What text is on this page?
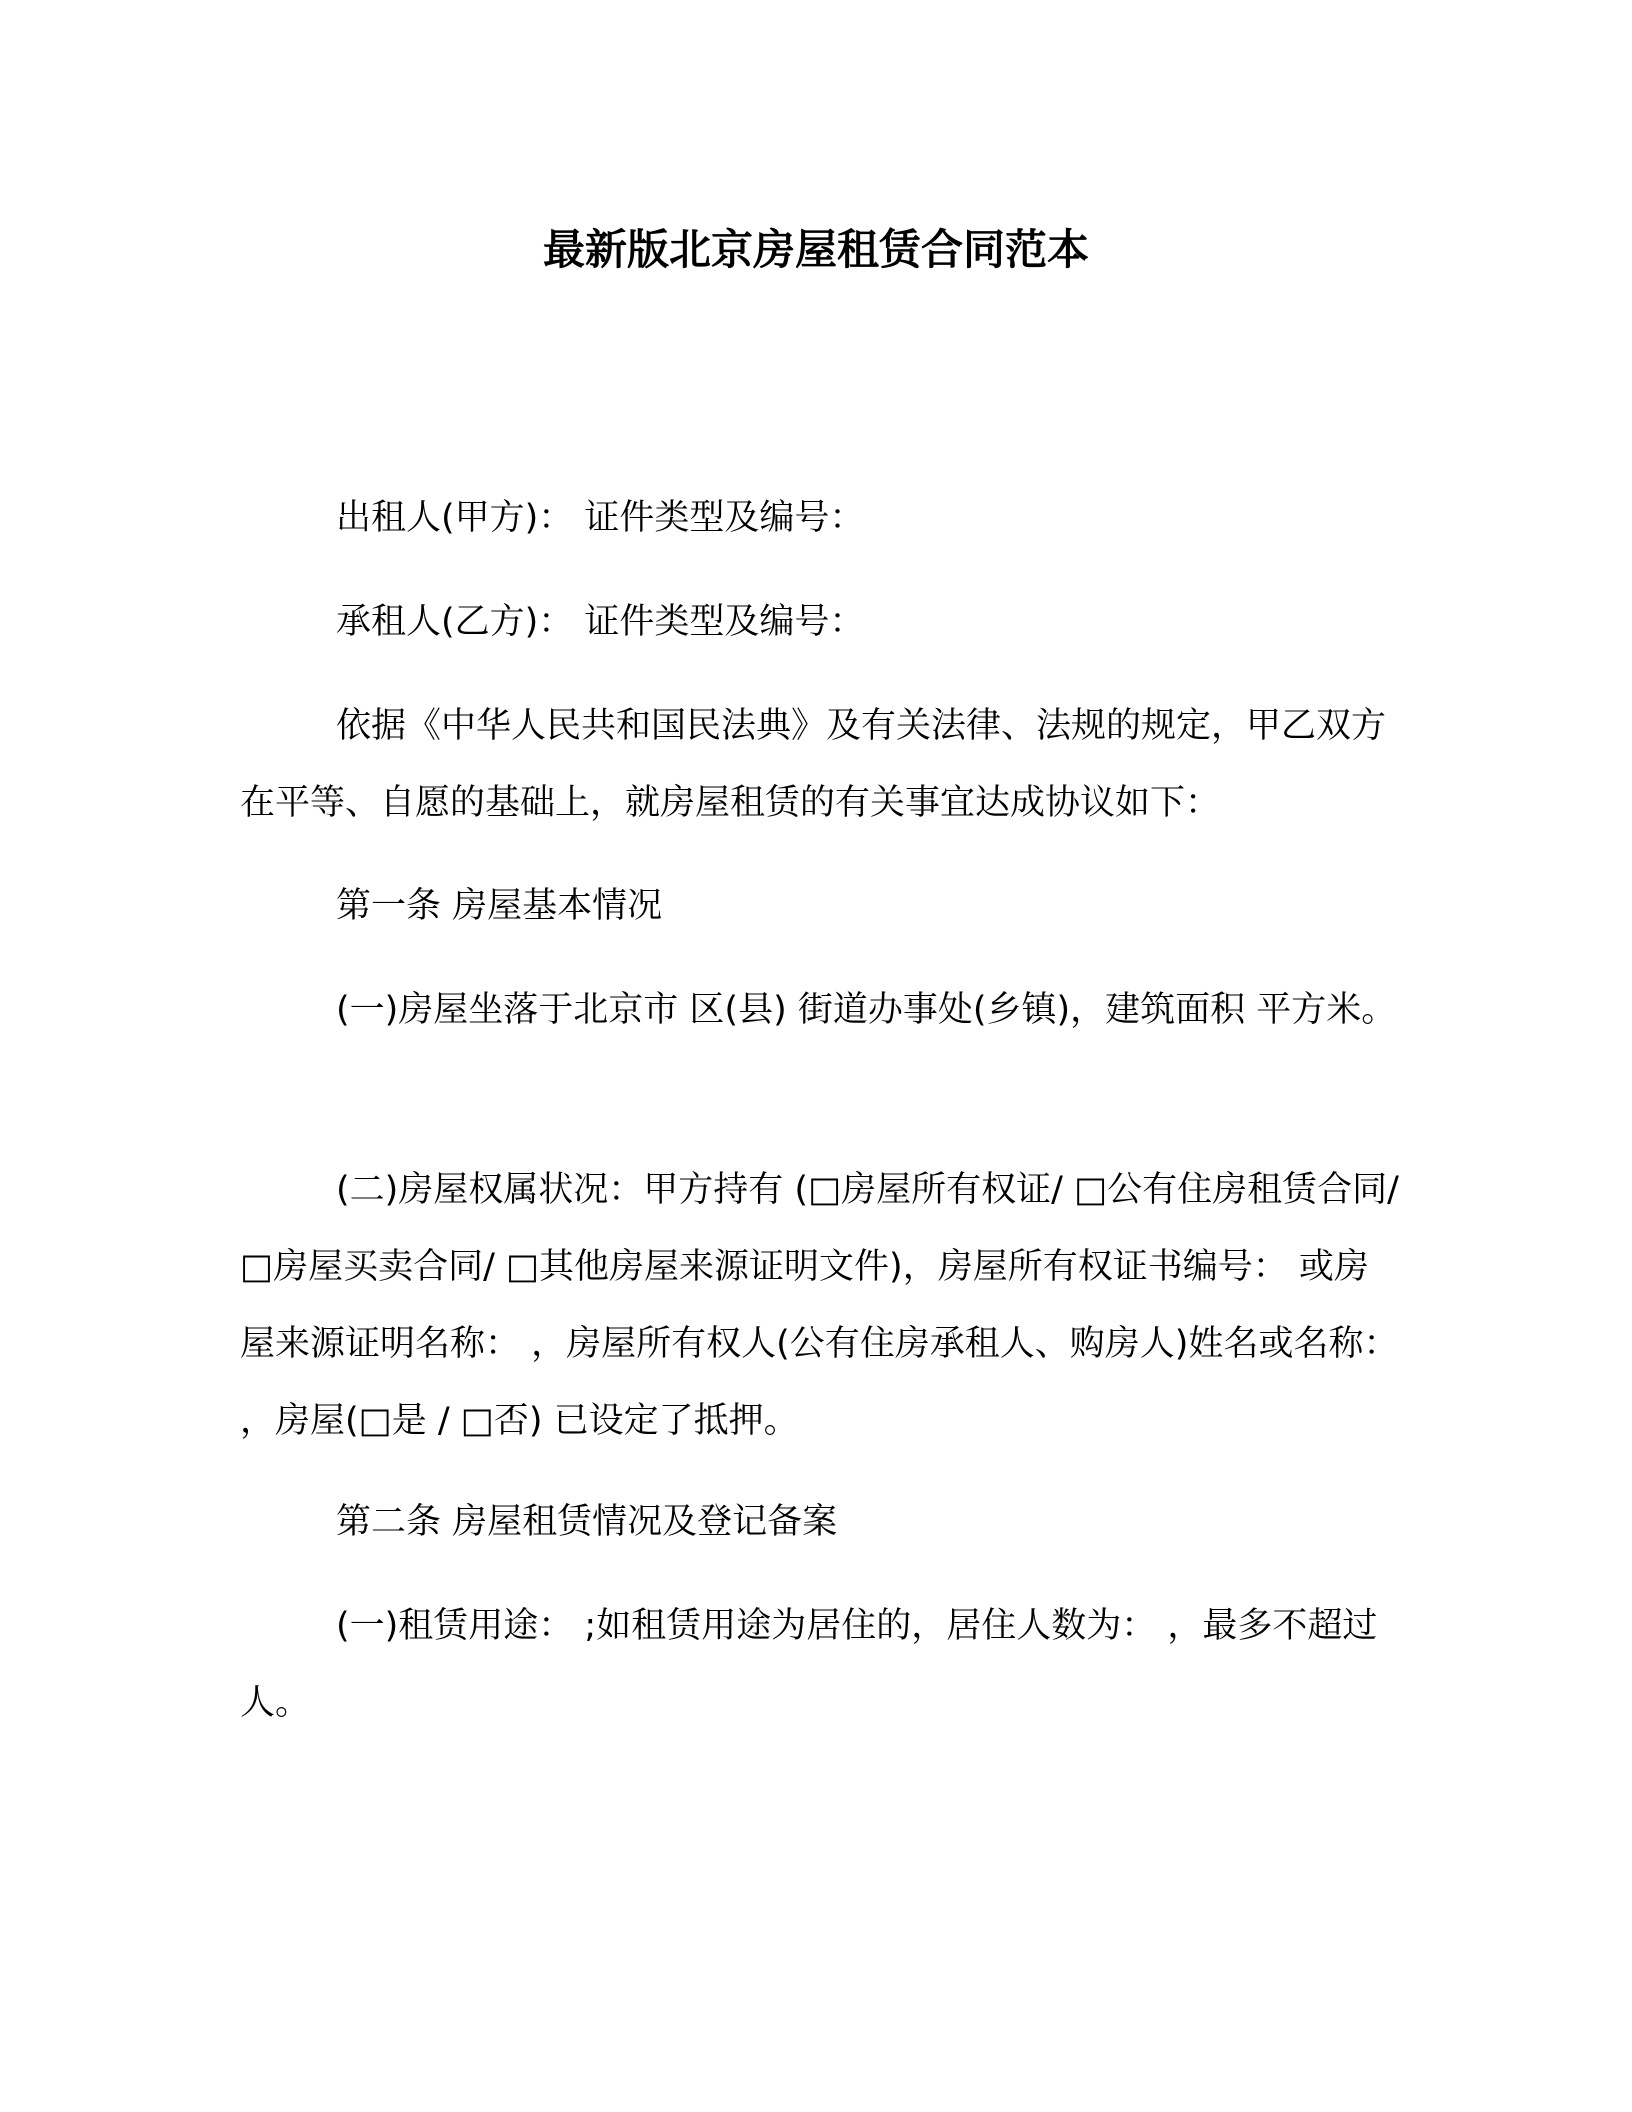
最新版北京房屋租赁合同范本

出租人(甲方)： 证件类型及编号：

承租人(乙方)： 证件类型及编号：

依据《中华人民共和国民法典》及有关法律、法规的规定，甲乙双方在平等、自愿的基础上，就房屋租赁的有关事宜达成协议如下：

第一条 房屋基本情况

(一)房屋坐落于北京市 区(县) 街道办事处(乡镇)，建筑面积 平方米。

(二)房屋权属状况：甲方持有 (□房屋所有权证/ □公有住房租赁合同/ □房屋买卖合同/ □其他房屋来源证明文件)，房屋所有权证书编号： 或房屋来源证明名称： ，房屋所有权人(公有住房承租人、购房人)姓名或名称： ，房屋(□是 / □否) 已设定了抵押。

第二条 房屋租赁情况及登记备案

(一)租赁用途： ;如租赁用途为居住的，居住人数为： ，最多不超过 人。
